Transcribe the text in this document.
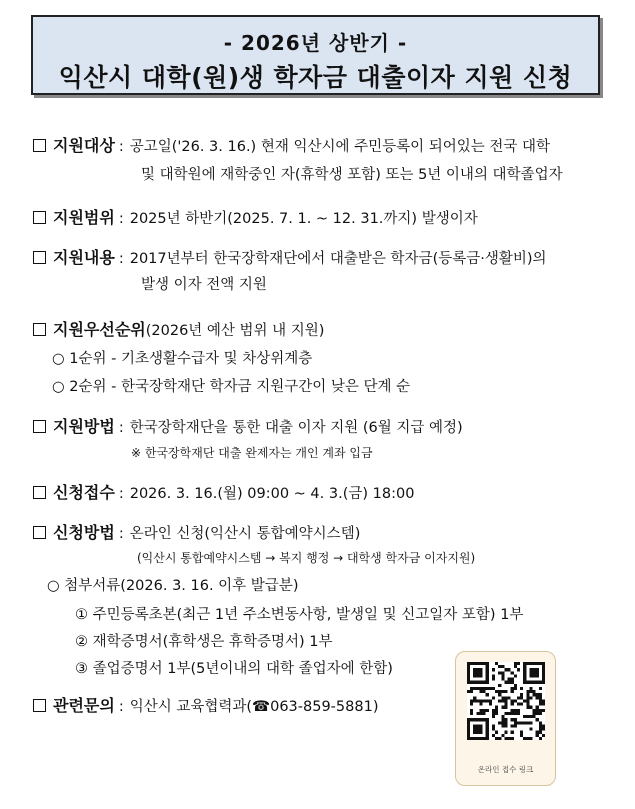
- 2026년 상반기 -
익산시 대학(원)생 학자금 대출이자 지원 신청
지원대상 : 공고일('26. 3. 16.) 현재 익산시에 주민등록이 되어있는 전국 대학
및 대학원에 재학중인 자(휴학생 포함) 또는 5년 이내의 대학졸업자
지원범위 : 2025년 하반기(2025. 7. 1. ~ 12. 31.까지) 발생이자
지원내용 : 2017년부터 한국장학재단에서 대출받은 학자금(등록금·생활비)의
발생 이자 전액 지원
지원우선순위(2026년 예산 범위 내 지원)
○ 1순위 - 기초생활수급자 및 차상위계층
○ 2순위 - 한국장학재단 학자금 지원구간이 낮은 단계 순
지원방법 : 한국장학재단을 통한 대출 이자 지원 (6월 지급 예정)
※ 한국장학재단 대출 완제자는 개인 계좌 입금
신청접수 : 2026. 3. 16.(월) 09:00 ~ 4. 3.(금) 18:00
신청방법 : 온라인 신청(익산시 통합예약시스템)
(익산시 통합예약시스템 → 복지 행정 → 대학생 학자금 이자지원)
○ 첨부서류(2026. 3. 16. 이후 발급분)
① 주민등록초본(최근 1년 주소변동사항, 발생일 및 신고일자 포함) 1부
② 재학증명서(휴학생은 휴학증명서) 1부
③ 졸업증명서 1부(5년이내의 대학 졸업자에 한함)
관련문의 : 익산시 교육협력과(☎063-859-5881)
온라인 접수 링크
